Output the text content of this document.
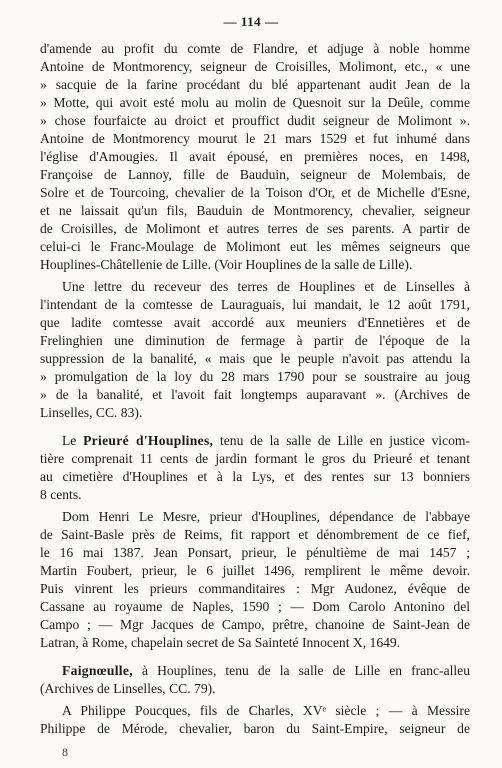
— 114 —
d'amende au profit du comte de Flandre, et adjuge à noble homme
Antoine de Montmorency, seigneur de Croisilles, Molimont, etc., « une
» sacquie de la farine procédant du blé appartenant audit Jean de la
» Motte, qui avoit esté molu au molin de Quesnoit sur la Deûle, comme
» chose fourfaicte au droict et prouffict dudit seigneur de Molimont ».
Antoine de Montmorency mourut le 21 mars 1529 et fut inhumé dans
l'église d'Amougies. Il avait épousé, en premières noces, en 1498,
Françoise de Lannoy, fille de Bauduin, seigneur de Molembais, de
Solre et de Tourcoing, chevalier de la Toison d'Or, et de Michelle d'Esne,
et ne laissait qu'un fils, Bauduin de Montmorency, chevalier, seigneur
de Croisilles, de Molimont et autres terres de ses parents. A partir de
celui-ci le Franc-Moulage de Molimont eut les mêmes seigneurs que
Houplines-Châtellenie de Lille. (Voir Houplines de la salle de Lille).
Une lettre du receveur des terres de Houplines et de Linselles à
l'intendant de la comtesse de Lauraguais, lui mandait, le 12 août 1791,
que ladite comtesse avait accordé aux meuniers d'Ennetières et de
Frelinghien une diminution de fermage à partir de l'époque de la
suppression de la banalité, « mais que le peuple n'avoit pas attendu la
» promulgation de la loy du 28 mars 1790 pour se soustraire au joug
» de la banalité, et l'avoit fait longtemps auparavant ». (Archives de
Linselles, CC. 83).
Le Prieuré d'Houplines, tenu de la salle de Lille en justice vicom-
tière comprenait 11 cents de jardin formant le gros du Prieuré et tenant
au cimetière d'Houplines et à la Lys, et des rentes sur 13 bonniers
8 cents.
Dom Henri Le Mesre, prieur d'Houplines, dépendance de l'abbaye
de Saint-Basle près de Reims, fit rapport et dénombrement de ce fief,
le 16 mai 1387. Jean Ponsart, prieur, le pénultième de mai 1457 ;
Martin Foubert, prieur, le 6 juillet 1496, remplirent le même devoir.
Puis vinrent les prieurs commanditaires : Mgr Audonez, évêque de
Cassane au royaume de Naples, 1590 ; — Dom Carolo Antonino del
Campo ; — Mgr Jacques de Campo, prêtre, chanoine de Saint-Jean de
Latran, à Rome, chapelain secret de Sa Sainteté Innocent X, 1649.
Faignœulle, à Houplines, tenu de la salle de Lille en franc-alleu
(Archives de Linselles, CC. 79).
A Philippe Poucques, fils de Charles, XVᵉ siècle ; — à Messire
Philippe de Mérode, chevalier, baron du Saint-Empire, seigneur de
8
